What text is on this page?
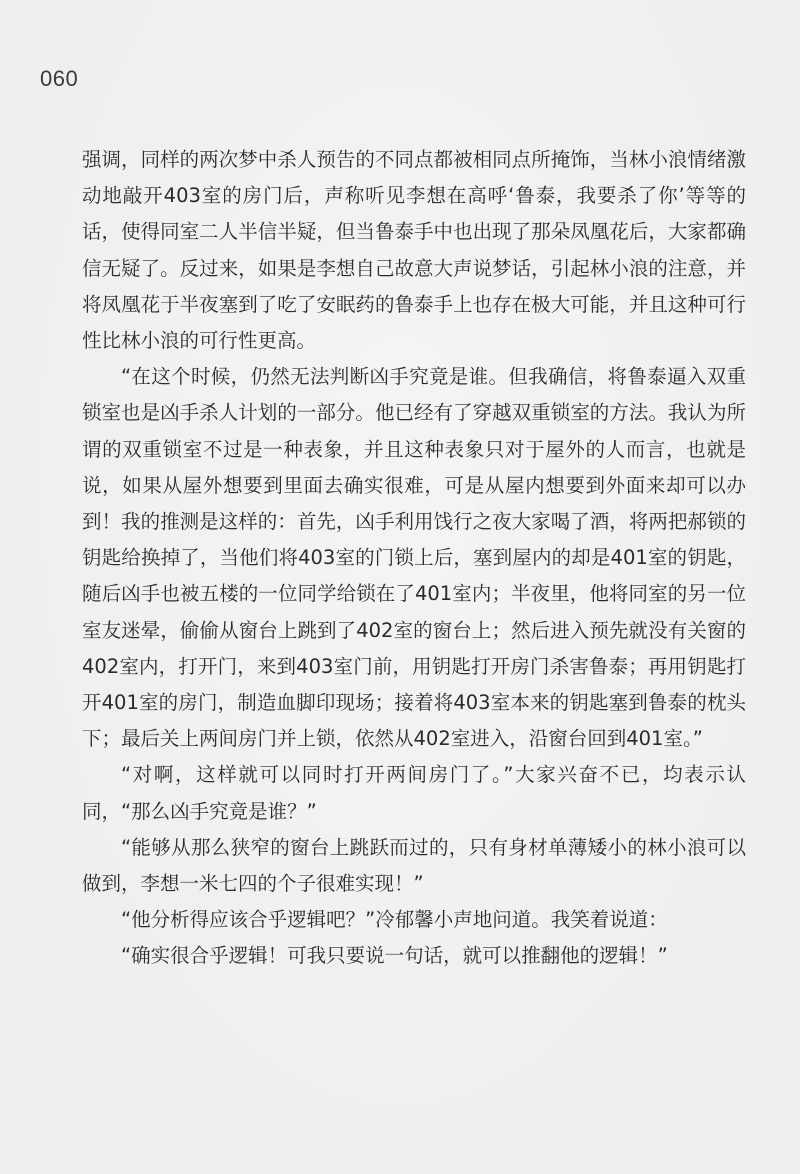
060

强调，同样的两次梦中杀人预告的不同点都被相同点所掩饰，当林小浪情绪激动地敲开403室的房门后，声称听见李想在高呼‘鲁泰，我要杀了你’等等的话，使得同室二人半信半疑，但当鲁泰手中也出现了那朵凤凰花后，大家都确信无疑了。反过来，如果是李想自己故意大声说梦话，引起林小浪的注意，并将凤凰花于半夜塞到了吃了安眠药的鲁泰手上也存在极大可能，并且这种可行性比林小浪的可行性更高。

“在这个时候，仍然无法判断凶手究竟是谁。但我确信，将鲁泰逼入双重锁室也是凶手杀人计划的一部分。他已经有了穿越双重锁室的方法。我认为所谓的双重锁室不过是一种表象，并且这种表象只对于屋外的人而言，也就是说，如果从屋外想要到里面去确实很难，可是从屋内想要到外面来却可以办到！我的推测是这样的：首先，凶手利用饯行之夜大家喝了酒，将两把郝锁的钥匙给换掉了，当他们将403室的门锁上后，塞到屋内的却是401室的钥匙，随后凶手也被五楼的一位同学给锁在了401室内；半夜里，他将同室的另一位室友迷晕，偷偷从窗台上跳到了402室的窗台上；然后进入预先就没有关窗的402室内，打开门，来到403室门前，用钥匙打开房门杀害鲁泰；再用钥匙打开401室的房门，制造血脚印现场；接着将403室本来的钥匙塞到鲁泰的枕头下；最后关上两间房门并上锁，依然从402室进入，沿窗台回到401室。”

“对啊，这样就可以同时打开两间房门了。”大家兴奋不已，均表示认同，“那么凶手究竟是谁？”

“能够从那么狭窄的窗台上跳跃而过的，只有身材单薄矮小的林小浪可以做到，李想一米七四的个子很难实现！”

“他分析得应该合乎逻辑吧？”冷郁馨小声地问道。我笑着说道：

“确实很合乎逻辑！可我只要说一句话，就可以推翻他的逻辑！”
